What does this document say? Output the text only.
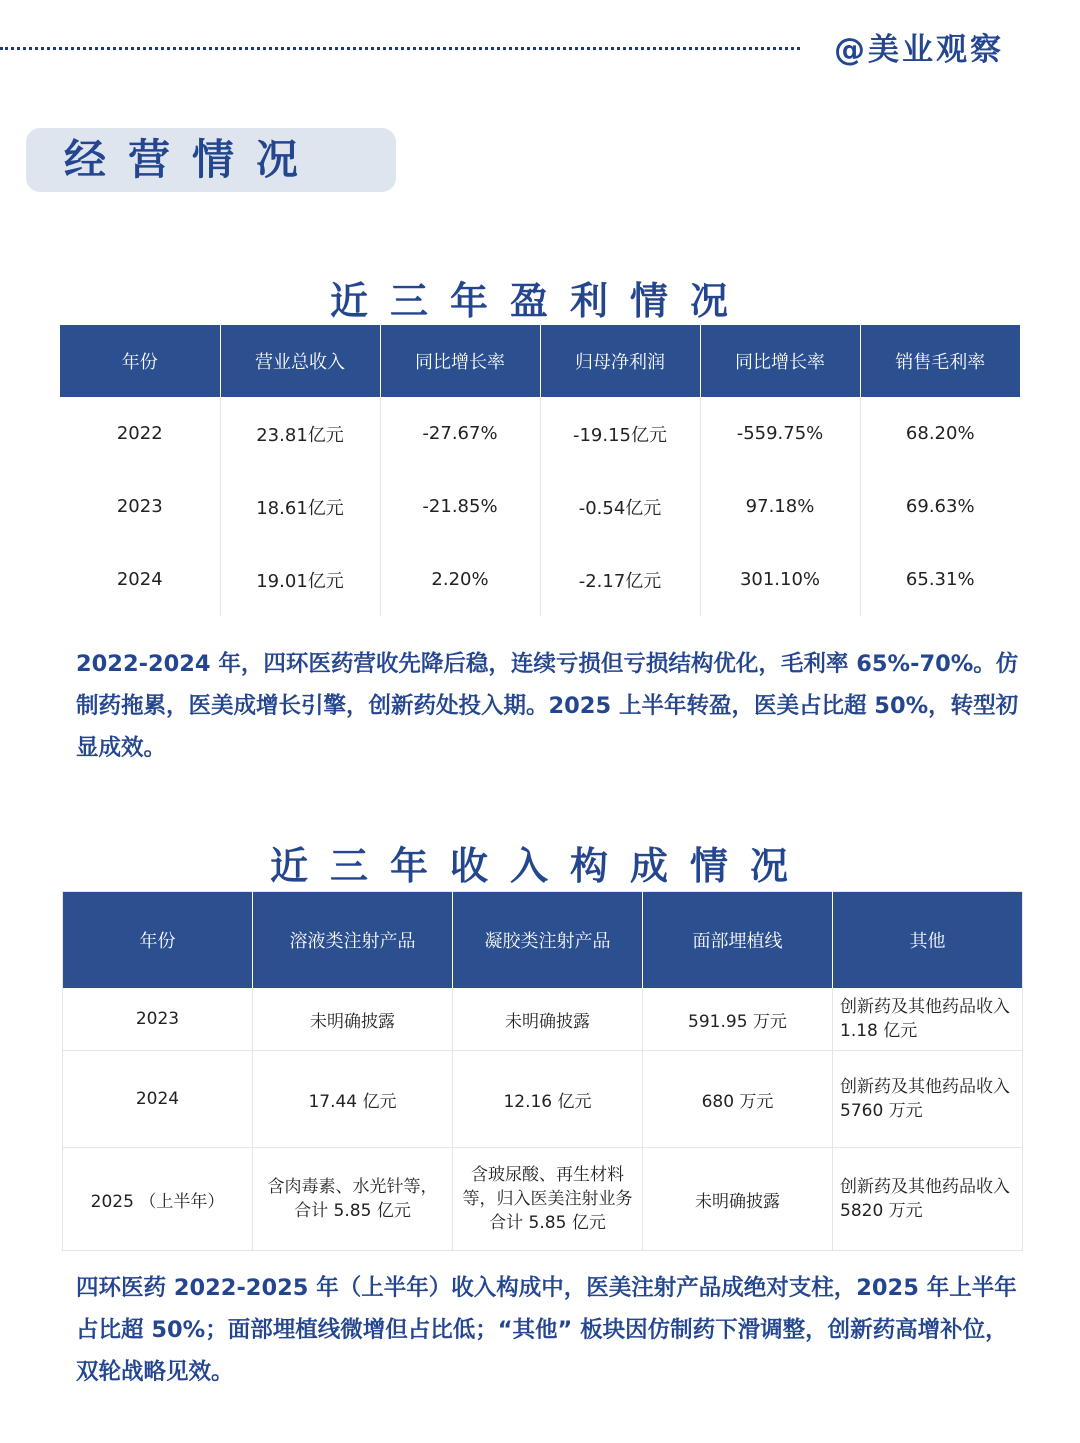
@美业观察
经营情况
近三年盈利情况
年份	营业总收入	同比增长率	归母净利润	同比增长率	销售毛利率
2022	23.81亿元	-27.67%	-19.15亿元	-559.75%	68.20%
2023	18.61亿元	-21.85%	-0.54亿元	97.18%	69.63%
2024	19.01亿元	2.20%	-2.17亿元	301.10%	65.31%
2022-2024 年，四环医药营收先降后稳，连续亏损但亏损结构优化，毛利率 65%-70%。仿制药拖累，医美成增长引擎，创新药处投入期。2025 上半年转盈，医美占比超 50%，转型初显成效。
近三年收入构成情况
年份	溶液类注射产品	凝胶类注射产品	面部埋植线	其他
2023	未明确披露	未明确披露	591.95 万元	创新药及其他药品收入 1.18 亿元
2024	17.44 亿元	12.16 亿元	680 万元	创新药及其他药品收入 5760 万元
2025 （上半年）	含肉毒素、水光针等，合计 5.85 亿元	含玻尿酸、再生材料等，归入医美注射业务合计 5.85 亿元	未明确披露	创新药及其他药品收入 5820 万元
四环医药 2022-2025 年（上半年）收入构成中，医美注射产品成绝对支柱，2025 年上半年占比超 50%；面部埋植线微增但占比低；“其他” 板块因仿制药下滑调整，创新药高增补位，双轮战略见效。
